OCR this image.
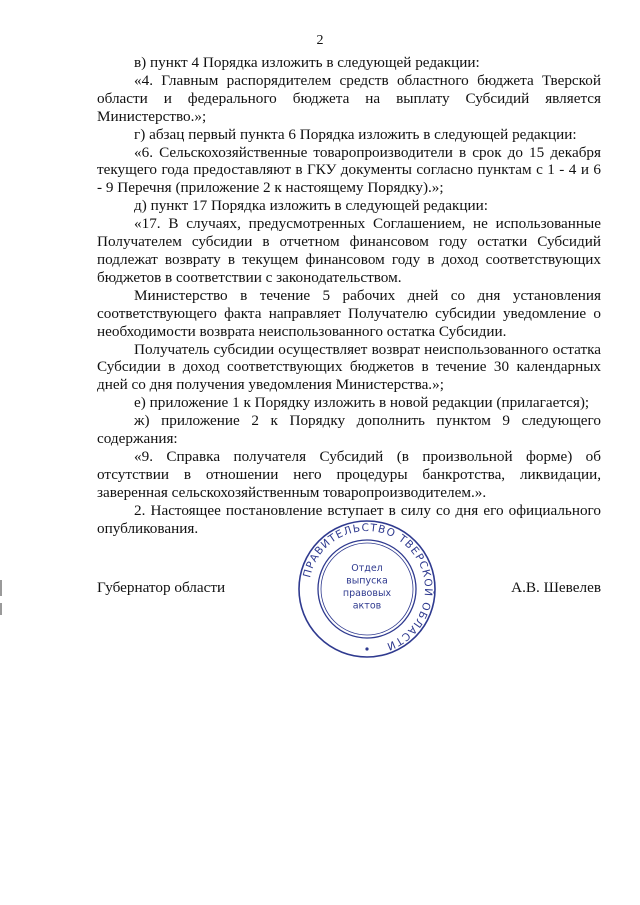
2

в) пункт 4 Порядка изложить в следующей редакции:

«4. Главным распорядителем средств областного бюджета Тверской области и федерального бюджета на выплату Субсидий является Министерство.»;

г) абзац первый пункта 6 Порядка изложить в следующей редакции:

«6. Сельскохозяйственные товаропроизводители в срок до 15 декабря текущего года предоставляют в ГКУ документы согласно пунктам с 1 - 4 и 6 - 9 Перечня (приложение 2 к настоящему Порядку).»;

д) пункт 17 Порядка изложить в следующей редакции:

«17. В случаях, предусмотренных Соглашением, не использованные Получателем субсидии в отчетном финансовом году остатки Субсидий подлежат возврату в текущем финансовом году в доход соответствующих бюджетов в соответствии с законодательством.

Министерство в течение 5 рабочих дней со дня установления соответствующего факта направляет Получателю субсидии уведомление о необходимости возврата неиспользованного остатка Субсидии.

Получатель субсидии осуществляет возврат неиспользованного остатка Субсидии в доход соответствующих бюджетов в течение 30 календарных дней со дня получения уведомления Министерства.»;

е) приложение 1 к Порядку изложить в новой редакции (прилагается);

ж) приложение 2 к Порядку дополнить пунктом 9 следующего содержания:

«9. Справка получателя Субсидий (в произвольной форме) об отсутствии в отношении него процедуры банкротства, ликвидации, заверенная сельскохозяйственным товаропроизводителем.».

2. Настоящее постановление вступает в силу со дня его официального опубликования.

Губернатор области	А.В. Шевелев
ПРАВИТЕЛЬСТВО ТВЕРСКОЙ ОБЛАСТИ
Отдел выпуска правовых актов
